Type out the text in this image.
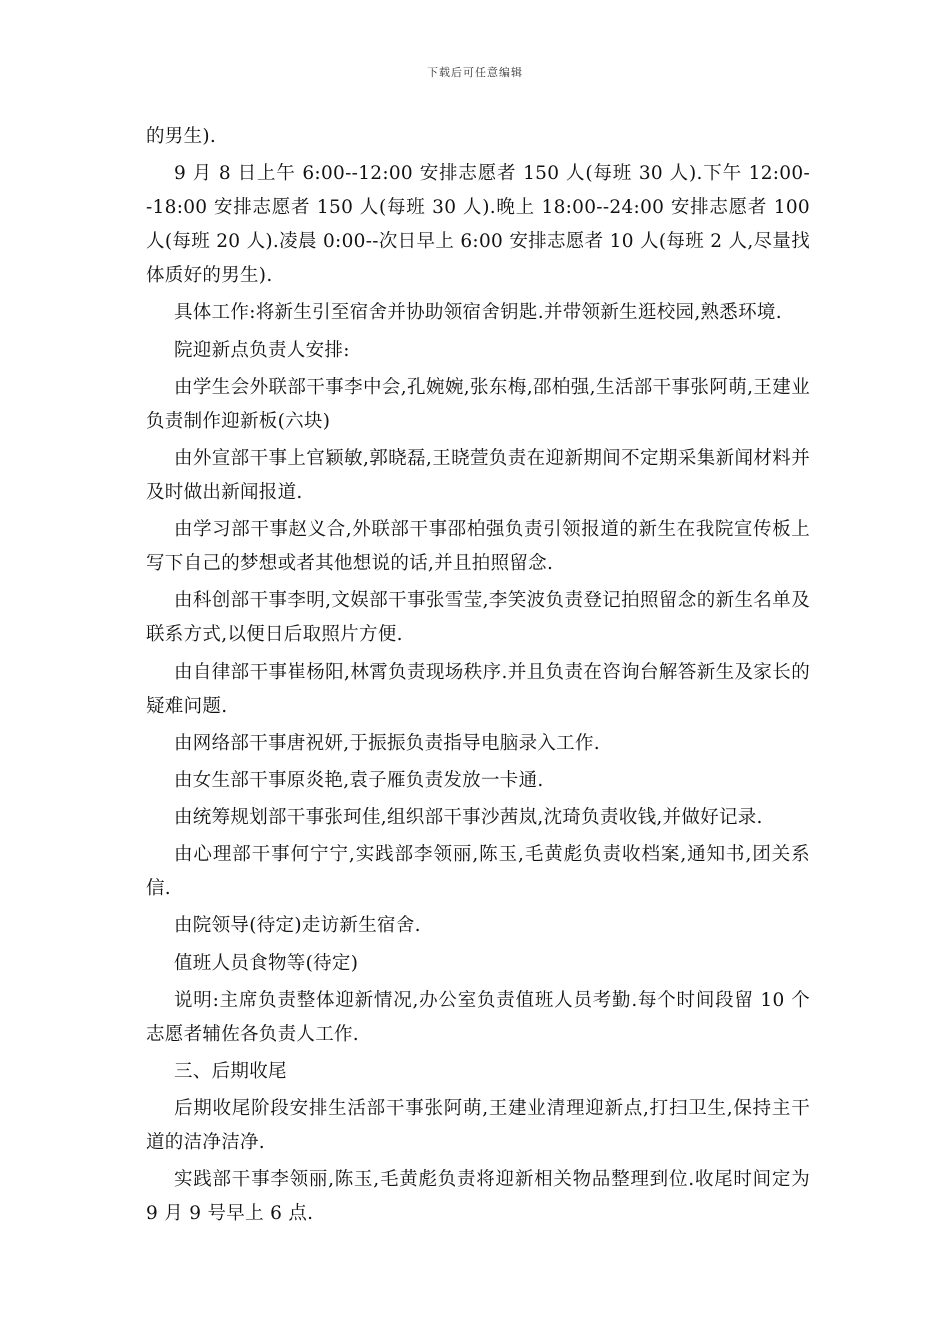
下载后可任意编辑

的男生).

9 月 8 日上午 6:00--12:00 安排志愿者 150 人(每班 30 人).下午 12:00--18:00 安排志愿者 150 人(每班 30 人).晚上 18:00--24:00 安排志愿者 100 人(每班 20 人).凌晨 0:00--次日早上 6:00 安排志愿者 10 人(每班 2 人,尽量找体质好的男生).

具体工作:将新生引至宿舍并协助领宿舍钥匙.并带领新生逛校园,熟悉环境.

院迎新点负责人安排:

由学生会外联部干事李中会,孔婉婉,张东梅,邵柏强,生活部干事张阿萌,王建业负责制作迎新板(六块)

由外宣部干事上官颖敏,郭晓磊,王晓萱负责在迎新期间不定期采集新闻材料并及时做出新闻报道.

由学习部干事赵义合,外联部干事邵柏强负责引领报道的新生在我院宣传板上写下自己的梦想或者其他想说的话,并且拍照留念.

由科创部干事李明,文娱部干事张雪莹,李笑波负责登记拍照留念的新生名单及联系方式,以便日后取照片方便.

由自律部干事崔杨阳,林霄负责现场秩序.并且负责在咨询台解答新生及家长的疑难问题.

由网络部干事唐祝妍,于振振负责指导电脑录入工作.

由女生部干事原炎艳,袁子雁负责发放一卡通.

由统筹规划部干事张珂佳,组织部干事沙茜岚,沈琦负责收钱,并做好记录.

由心理部干事何宁宁,实践部李领丽,陈玉,毛黄彪负责收档案,通知书,团关系信.

由院领导(待定)走访新生宿舍.

值班人员食物等(待定)

说明:主席负责整体迎新情况,办公室负责值班人员考勤.每个时间段留 10 个志愿者辅佐各负责人工作.

三、后期收尾

后期收尾阶段安排生活部干事张阿萌,王建业清理迎新点,打扫卫生,保持主干道的洁净洁净.

实践部干事李领丽,陈玉,毛黄彪负责将迎新相关物品整理到位.收尾时间定为 9 月 9 号早上 6 点.
